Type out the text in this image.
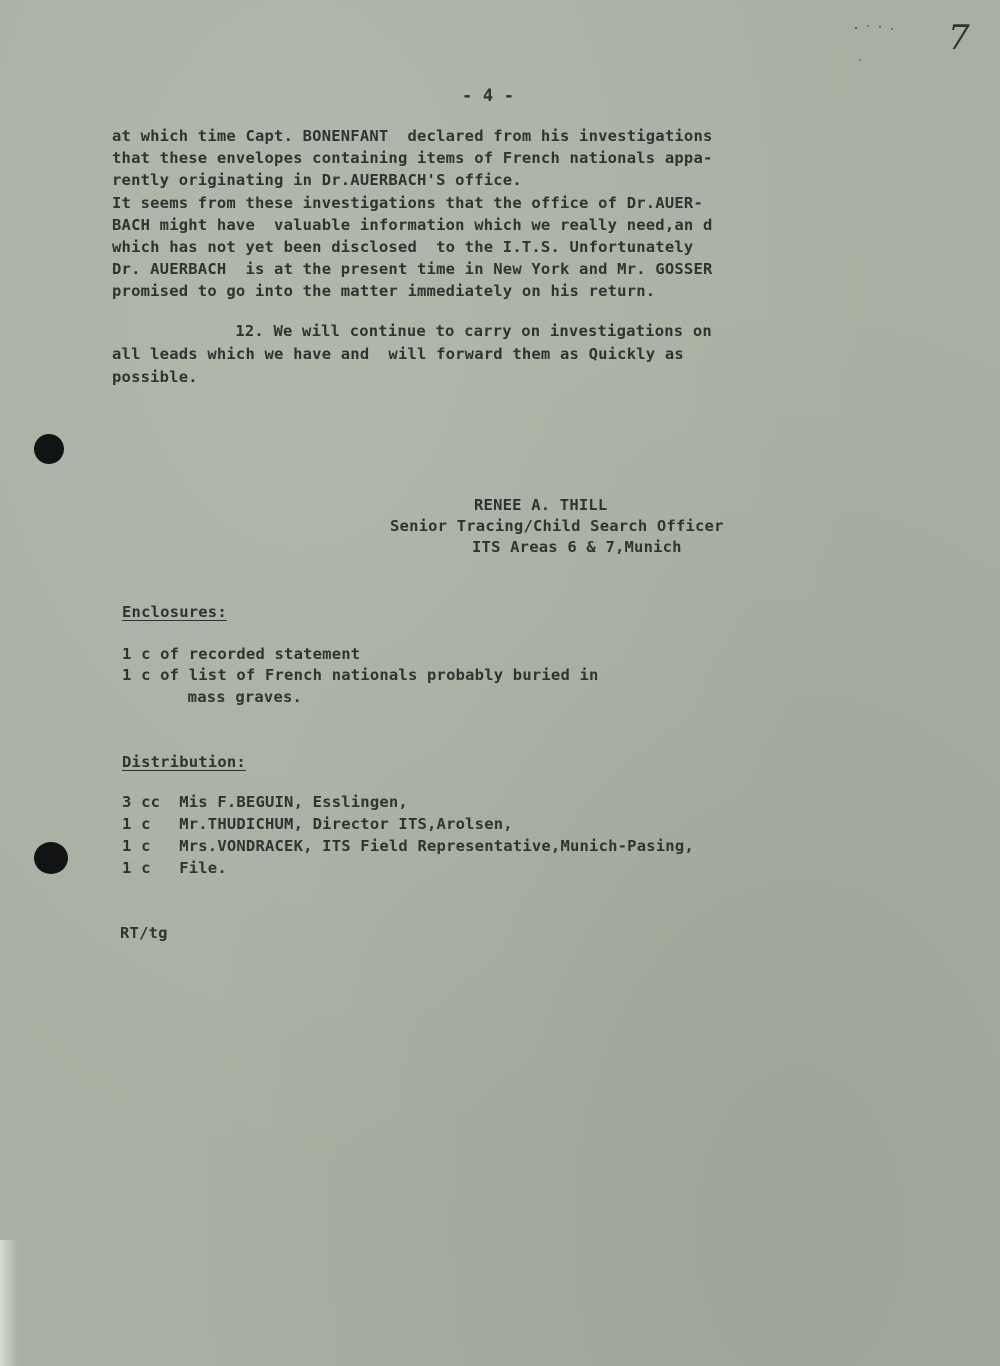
7
- 4 -
at which time Capt. BONENFANT  declared from his investigations
that these envelopes containing items of French nationals appa-
rently originating in Dr.AUERBACH'S office.
It seems from these investigations that the office of Dr.AUER-
BACH might have  valuable information which we really need,an d
which has not yet been disclosed  to the I.T.S. Unfortunately
Dr. AUERBACH  is at the present time in New York and Mr. GOSSER
promised to go into the matter immediately on his return.
12. We will continue to carry on investigations on
all leads which we have and  will forward them as Quickly as
possible.
RENEE A. THILL
Senior Tracing/Child Search Officer
ITS Areas 6 & 7,Munich
Enclosures:
1 c of recorded statement
1 c of list of French nationals probably buried in
mass graves.
Distribution:
3 cc  Mis F.BEGUIN, Esslingen,
1 c   Mr.THUDICHUM, Director ITS,Arolsen,
1 c   Mrs.VONDRACEK, ITS Field Representative,Munich-Pasing,
1 c   File.
RT/tg
